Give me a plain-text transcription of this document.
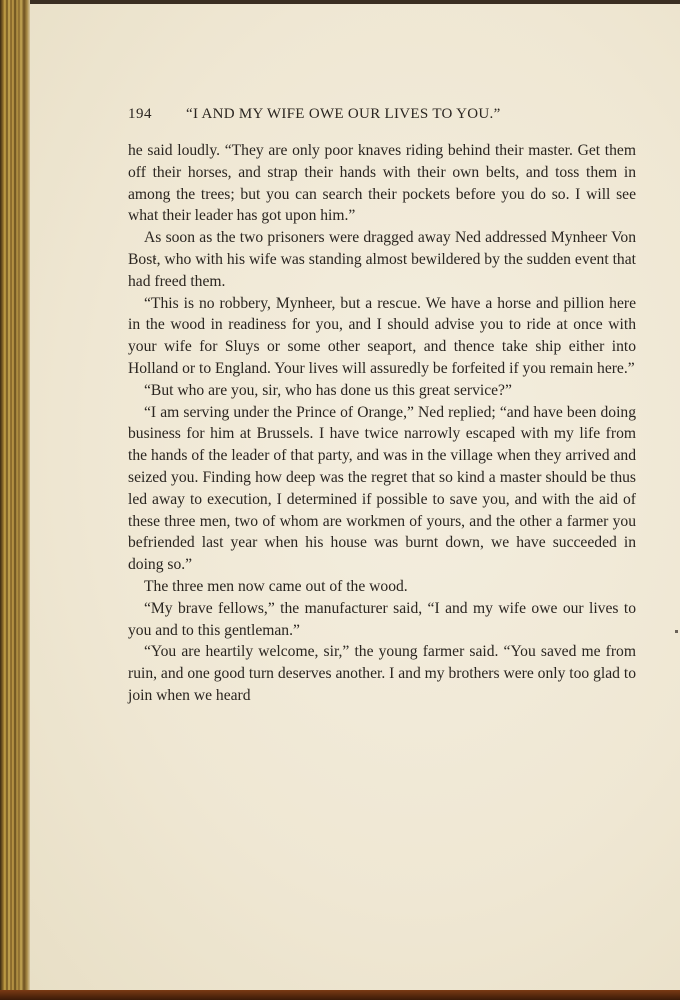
194 “I AND MY WIFE OWE OUR LIVES TO YOU.”

he said loudly. “They are only poor knaves riding behind their master. Get them off their horses, and strap their hands with their own belts, and toss them in among the trees; but you can search their pockets before you do so. I will see what their leader has got upon him.”

As soon as the two prisoners were dragged away Ned addressed Mynheer Von Bost, who with his wife was standing almost bewildered by the sudden event that had freed them.

“This is no robbery, Mynheer, but a rescue. We have a horse and pillion here in the wood in readiness for you, and I should advise you to ride at once with your wife for Sluys or some other seaport, and thence take ship either into Holland or to England. Your lives will assuredly be forfeited if you remain here.”

“But who are you, sir, who has done us this great service?”

“I am serving under the Prince of Orange,” Ned replied; “and have been doing business for him at Brussels. I have twice narrowly escaped with my life from the hands of the leader of that party, and was in the village when they arrived and seized you. Finding how deep was the regret that so kind a master should be thus led away to execution, I determined if possible to save you, and with the aid of these three men, two of whom are workmen of yours, and the other a farmer you befriended last year when his house was burnt down, we have succeeded in doing so.”

The three men now came out of the wood.

“My brave fellows,” the manufacturer said, “I and my wife owe our lives to you and to this gentleman.”

“You are heartily welcome, sir,” the young farmer said. “You saved me from ruin, and one good turn deserves another. I and my brothers were only too glad to join when we heard
